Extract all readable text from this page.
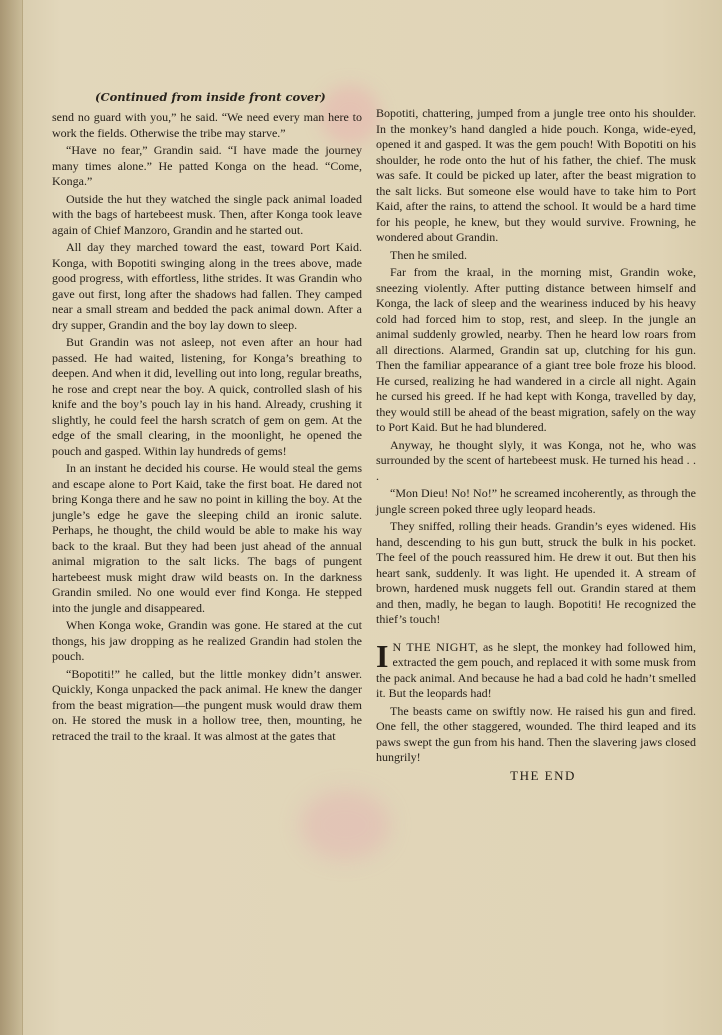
(Continued from inside front cover)

send no guard with you,” he said. “We need every man here to work the fields. Otherwise the tribe may starve.”

“Have no fear,” Grandin said. “I have made the journey many times alone.” He patted Konga on the head. “Come, Konga.”

Outside the hut they watched the single pack animal loaded with the bags of hartebeest musk. Then, after Konga took leave again of Chief Manzoro, Grandin and he started out.

All day they marched toward the east, toward Port Kaid. Konga, with Bopotiti swinging along in the trees above, made good progress, with effortless, lithe strides. It was Grandin who gave out first, long after the shadows had fallen. They camped near a small stream and bedded the pack animal down. After a dry supper, Grandin and the boy lay down to sleep.

But Grandin was not asleep, not even after an hour had passed. He had waited, listening, for Konga’s breathing to deepen. And when it did, levelling out into long, regular breaths, he rose and crept near the boy. A quick, controlled slash of his knife and the boy’s pouch lay in his hand. Already, crushing it slightly, he could feel the harsh scratch of gem on gem. At the edge of the small clearing, in the moonlight, he opened the pouch and gasped. Within lay hundreds of gems!

In an instant he decided his course. He would steal the gems and escape alone to Port Kaid, take the first boat. He dared not bring Konga there and he saw no point in killing the boy. At the jungle’s edge he gave the sleeping child an ironic salute. Perhaps, he thought, the child would be able to make his way back to the kraal. But they had been just ahead of the annual animal migration to the salt licks. The bags of pungent hartebeest musk might draw wild beasts on. In the darkness Grandin smiled. No one would ever find Konga. He stepped into the jungle and disappeared.

When Konga woke, Grandin was gone. He stared at the cut thongs, his jaw dropping as he realized Grandin had stolen the pouch.

“Bopotiti!” he called, but the little monkey didn’t answer. Quickly, Konga unpacked the pack animal. He knew the danger from the beast migration—the pungent musk would draw them on. He stored the musk in a hollow tree, then, mounting, he retraced the trail to the kraal. It was almost at the gates that

Bopotiti, chattering, jumped from a jungle tree onto his shoulder. In the monkey’s hand dangled a hide pouch. Konga, wide-eyed, opened it and gasped. It was the gem pouch! With Bopotiti on his shoulder, he rode onto the hut of his father, the chief. The musk was safe. It could be picked up later, after the beast migration to the salt licks. But someone else would have to take him to Port Kaid, after the rains, to attend the school. It would be a hard time for his people, he knew, but they would survive. Frowning, he wondered about Grandin.

Then he smiled.

Far from the kraal, in the morning mist, Grandin woke, sneezing violently. After putting distance between himself and Konga, the lack of sleep and the weariness induced by his heavy cold had forced him to stop, rest, and sleep. In the jungle an animal suddenly growled, nearby. Then he heard low roars from all directions. Alarmed, Grandin sat up, clutching for his gun. Then the familiar appearance of a giant tree bole froze his blood. He cursed, realizing he had wandered in a circle all night. Again he cursed his greed. If he had kept with Konga, travelled by day, they would still be ahead of the beast migration, safely on the way to Port Kaid. But he had blundered.

Anyway, he thought slyly, it was Konga, not he, who was surrounded by the scent of hartebeest musk. He turned his head . . .

“Mon Dieu! No! No!” he screamed incoherently, as through the jungle screen poked three ugly leopard heads.

They sniffed, rolling their heads. Grandin’s eyes widened. His hand, descending to his gun butt, struck the bulk in his pocket. The feel of the pouch reassured him. He drew it out. But then his heart sank, suddenly. It was light. He upended it. A stream of brown, hardened musk nuggets fell out. Grandin stared at them and then, madly, he began to laugh. Bopotiti! He recognized the thief’s touch!

I N THE NIGHT, as he slept, the monkey had followed him, extracted the gem pouch, and replaced it with some musk from the pack animal. And because he had a bad cold he hadn’t smelled it. But the leopards had!

The beasts came on swiftly now. He raised his gun and fired. One fell, the other staggered, wounded. The third leaped and its paws swept the gun from his hand. Then the slavering jaws closed hungrily!

THE END
